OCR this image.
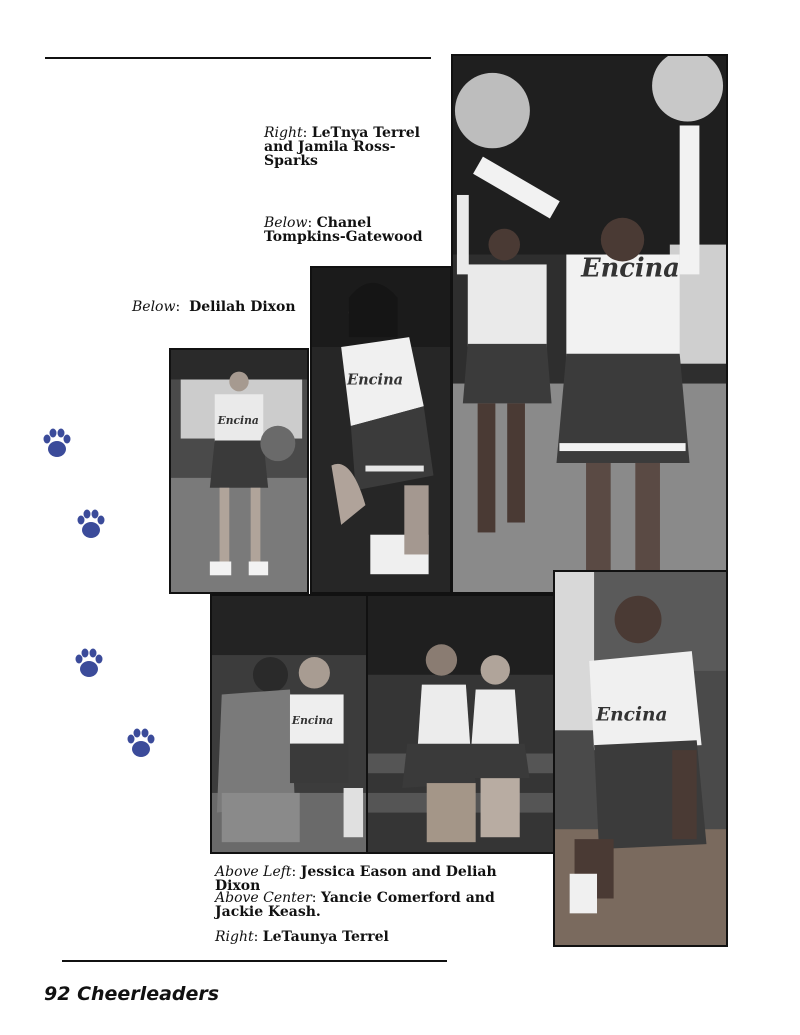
Right: LeTnya Terrel and Jamila Ross-Sparks
Below: Chanel Tompkins-Gatewood
Below:  Delilah Dixon
Above Left: Jessica Eason and Deliah Dixon
Above Center: Yancie Comerford and Jackie Keash.
Right: LeTaunya Terrel
Encina
Encina
Encina
Encina	Encina
92 Cheerleaders
